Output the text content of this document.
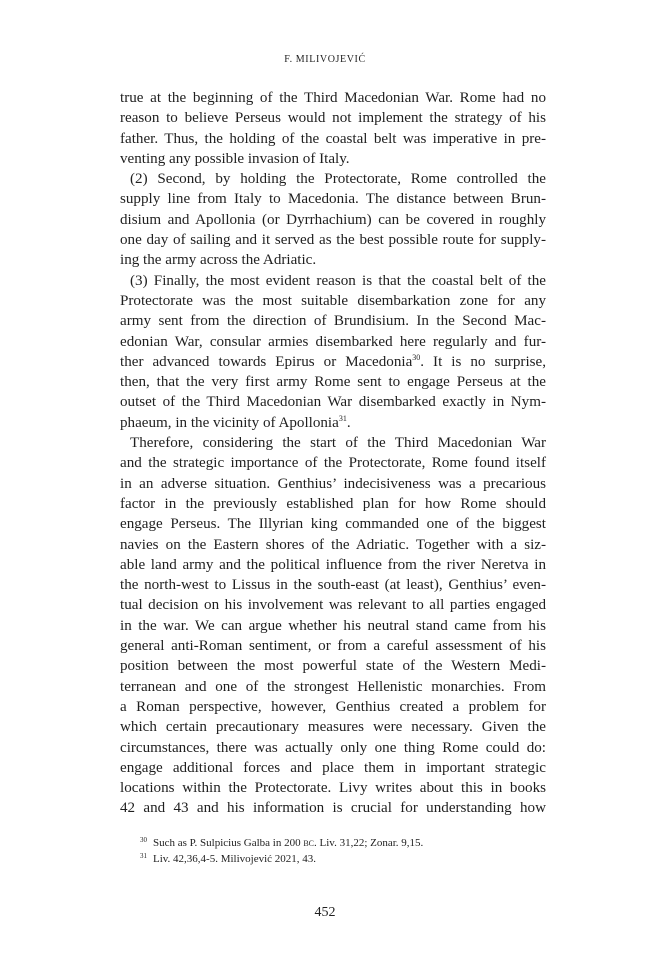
F. MILIVOJEVIĆ
true at the beginning of the Third Macedonian War. Rome had no
reason to believe Perseus would not implement the strategy of his
father. Thus, the holding of the coastal belt was imperative in pre-
venting any possible invasion of Italy.
(2) Second, by holding the Protectorate, Rome controlled the
supply line from Italy to Macedonia. The distance between Brun-
disium and Apollonia (or Dyrrhachium) can be covered in roughly
one day of sailing and it served as the best possible route for supply-
ing the army across the Adriatic.
(3) Finally, the most evident reason is that the coastal belt of the
Protectorate was the most suitable disembarkation zone for any
army sent from the direction of Brundisium. In the Second Mac-
edonian War, consular armies disembarked here regularly and fur-
ther advanced towards Epirus or Macedonia$^{30}$. It is no surprise,
then, that the very first army Rome sent to engage Perseus at the
outset of the Third Macedonian War disembarked exactly in Nym-
phaeum, in the vicinity of Apollonia$^{31}$.
Therefore, considering the start of the Third Macedonian War
and the strategic importance of the Protectorate, Rome found itself
in an adverse situation. Genthius’ indecisiveness was a precarious
factor in the previously established plan for how Rome should
engage Perseus. The Illyrian king commanded one of the biggest
navies on the Eastern shores of the Adriatic. Together with a siz-
able land army and the political influence from the river Neretva in
the north-west to Lissus in the south-east (at least), Genthius’ even-
tual decision on his involvement was relevant to all parties engaged
in the war. We can argue whether his neutral stand came from his
general anti-Roman sentiment, or from a careful assessment of his
position between the most powerful state of the Western Medi-
terranean and one of the strongest Hellenistic monarchies. From
a Roman perspective, however, Genthius created a problem for
which certain precautionary measures were necessary. Given the
circumstances, there was actually only one thing Rome could do:
engage additional forces and place them in important strategic
locations within the Protectorate. Livy writes about this in books
42 and 43 and his information is crucial for understanding how
$^{30}$ Such as P. Sulpicius Galba in 200 bc. Liv. 31,22; Zonar. 9,15.
$^{31}$ Liv. 42,36,4-5. Milivojević 2021, 43.
452
